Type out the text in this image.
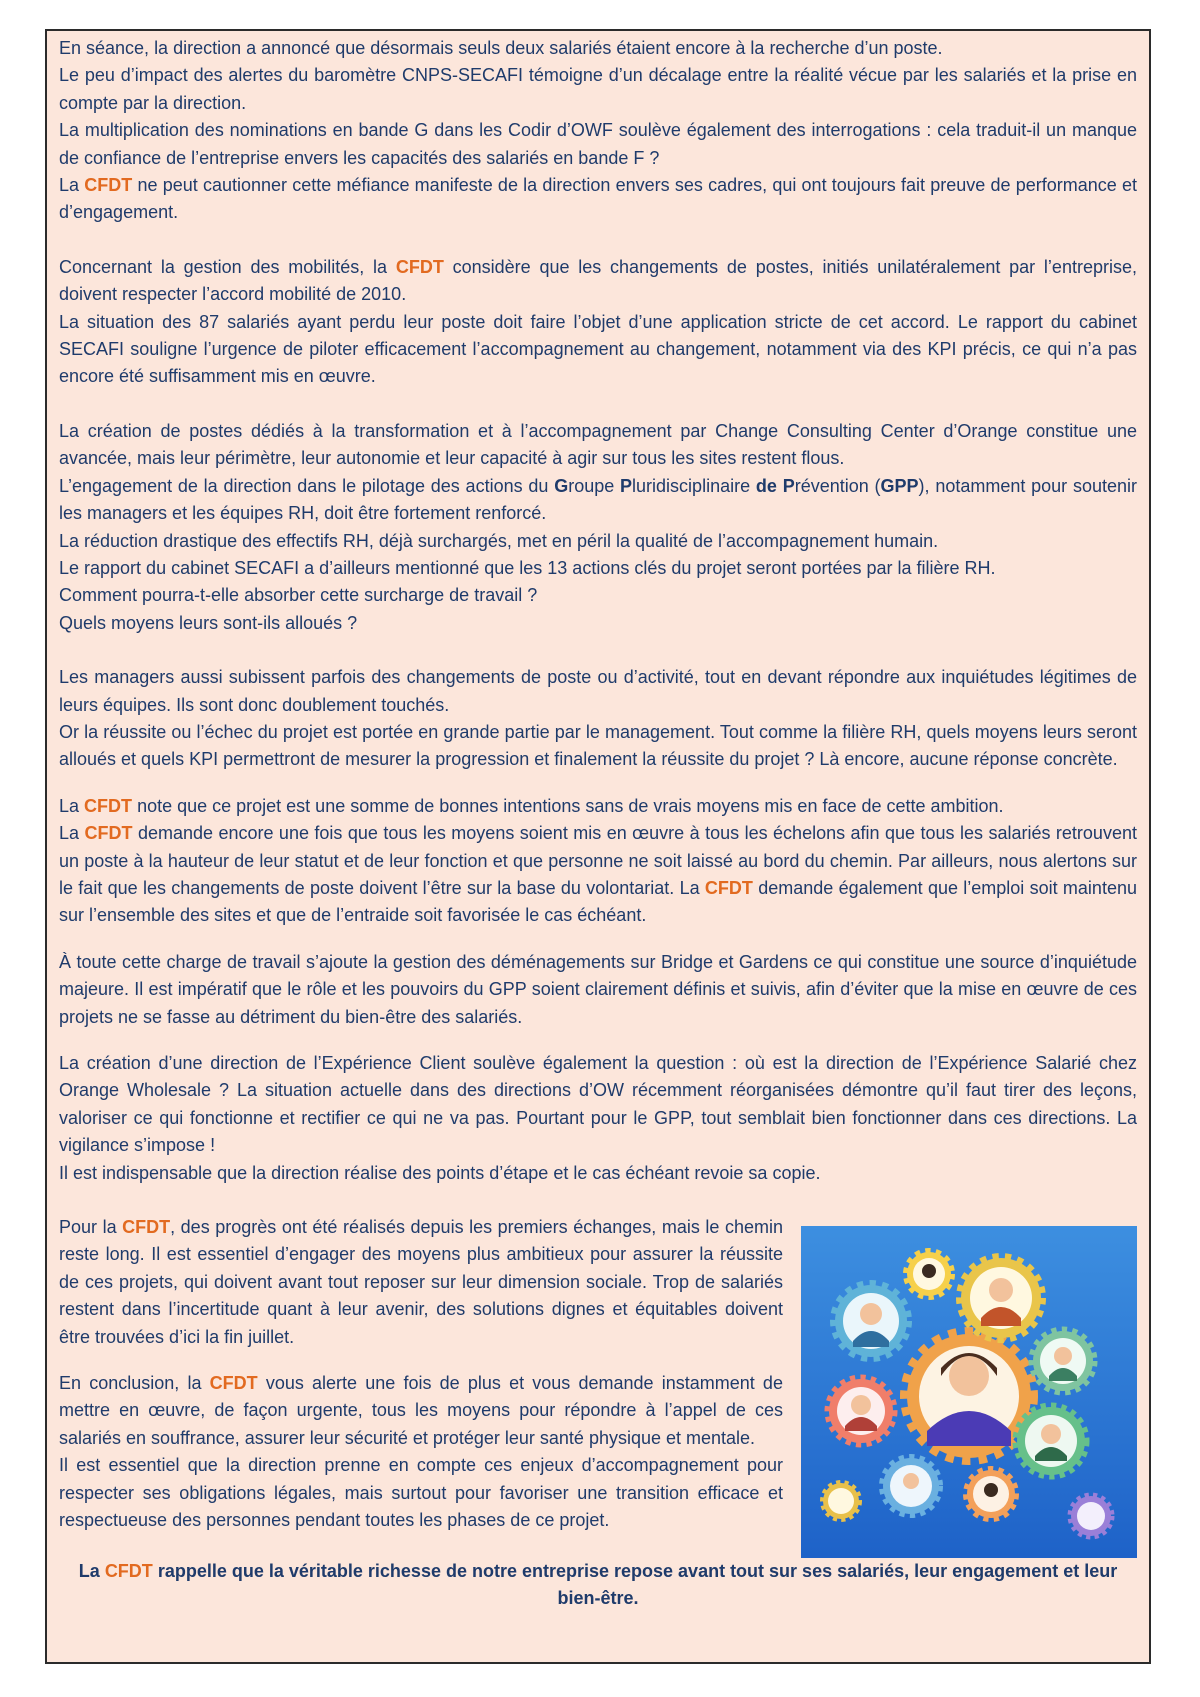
En séance, la direction a annoncé que désormais seuls deux salariés étaient encore à la recherche d’un poste.

Le peu d’impact des alertes du baromètre CNPS-SECAFI témoigne d’un décalage entre la réalité vécue par les salariés et la prise en compte par la direction.

La multiplication des nominations en bande G dans les Codir d’OWF soulève également des interrogations : cela traduit-il un manque de confiance de l’entreprise envers les capacités des salariés en bande F ?

La CFDT ne peut cautionner cette méfiance manifeste de la direction envers ses cadres, qui ont toujours fait preuve de performance et d’engagement.

Concernant la gestion des mobilités, la CFDT considère que les changements de postes, initiés unilatéralement par l’entreprise, doivent respecter l’accord mobilité de 2010.

La situation des 87 salariés ayant perdu leur poste doit faire l’objet d’une application stricte de cet accord. Le rapport du cabinet SECAFI souligne l’urgence de piloter efficacement l’accompagnement au changement, notamment via des KPI précis, ce qui n’a pas encore été suffisamment mis en œuvre.

La création de postes dédiés à la transformation et à l’accompagnement par Change Consulting Center d’Orange constitue une avancée, mais leur périmètre, leur autonomie et leur capacité à agir sur tous les sites restent flous.

L’engagement de la direction dans le pilotage des actions du Groupe Pluridisciplinaire de Prévention (GPP), notamment pour soutenir les managers et les équipes RH, doit être fortement renforcé.

La réduction drastique des effectifs RH, déjà surchargés, met en péril la qualité de l’accompagnement humain.

Le rapport du cabinet SECAFI a d’ailleurs mentionné que les 13 actions clés du projet seront portées par la filière RH.

Comment pourra-t-elle absorber cette surcharge de travail ?

Quels moyens leurs sont-ils alloués ?

Les managers aussi subissent parfois des changements de poste ou d’activité, tout en devant répondre aux inquiétudes légitimes de leurs équipes. Ils sont donc doublement touchés.

Or la réussite ou l’échec du projet est portée en grande partie par le management. Tout comme la filière RH, quels moyens leurs seront alloués et quels KPI permettront de mesurer la progression et finalement la réussite du projet ? Là encore, aucune réponse concrète.

La CFDT note que ce projet est une somme de bonnes intentions sans de vrais moyens mis en face de cette ambition.

La CFDT demande encore une fois que tous les moyens soient mis en œuvre à tous les échelons afin que tous les salariés retrouvent un poste à la hauteur de leur statut et de leur fonction et que personne ne soit laissé au bord du chemin. Par ailleurs, nous alertons sur le fait que les changements de poste doivent l’être sur la base du volontariat. La CFDT demande également que l’emploi soit maintenu sur l’ensemble des sites et que de l’entraide soit favorisée le cas échéant.

À toute cette charge de travail s’ajoute la gestion des déménagements sur Bridge et Gardens ce qui constitue une source d’inquiétude majeure. Il est impératif que le rôle et les pouvoirs du GPP soient clairement définis et suivis, afin d’éviter que la mise en œuvre de ces projets ne se fasse au détriment du bien-être des salariés.

La création d’une direction de l’Expérience Client soulève également la question : où est la direction de l’Expérience Salarié chez Orange Wholesale ? La situation actuelle dans des directions d’OW récemment réorganisées démontre qu’il faut tirer des leçons, valoriser ce qui fonctionne et rectifier ce qui ne va pas. Pourtant pour le GPP, tout semblait bien fonctionner dans ces directions. La vigilance s’impose !

Il est indispensable que la direction réalise des points d’étape et le cas échéant revoie sa copie.

Pour la CFDT, des progrès ont été réalisés depuis les premiers échanges, mais le chemin reste long. Il est essentiel d’engager des moyens plus ambitieux pour assurer la réussite de ces projets, qui doivent avant tout reposer sur leur dimension sociale. Trop de salariés restent dans l’incertitude quant à leur avenir, des solutions dignes et équitables doivent être trouvées d’ici la fin juillet.

En conclusion, la CFDT vous alerte une fois de plus et vous demande instamment de mettre en œuvre, de façon urgente, tous les moyens pour répondre à l’appel de ces salariés en souffrance, assurer leur sécurité et protéger leur santé physique et mentale.

Il est essentiel que la direction prenne en compte ces enjeux d’accompagnement pour respecter ses obligations légales, mais surtout pour favoriser une transition efficace et respectueuse des personnes pendant toutes les phases de ce projet.

La CFDT rappelle que la véritable richesse de notre entreprise repose avant tout sur ses salariés, leur engagement et leur bien-être.
